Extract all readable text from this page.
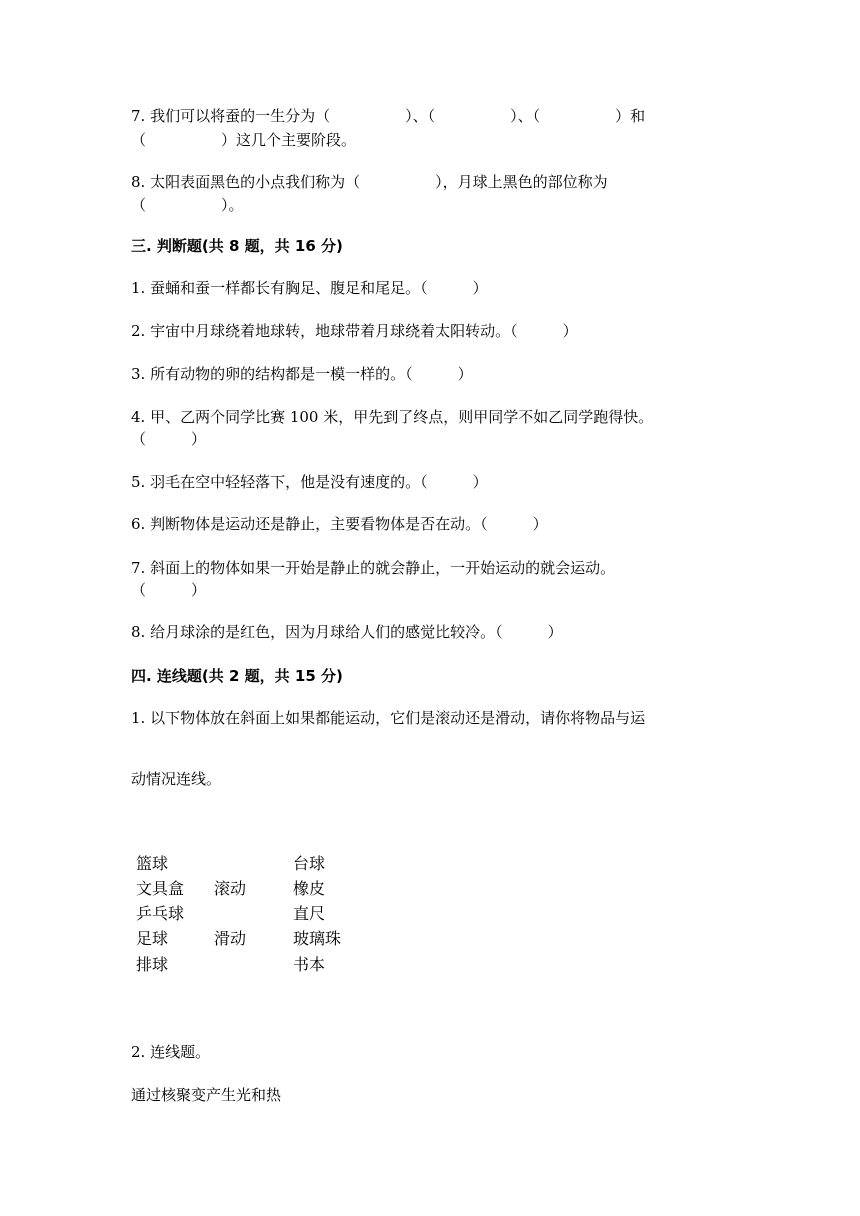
7. 我们可以将蚕的一生分为（　　　　　）、（　　　　　）、（　　　　　）和
（　　　　　）这几个主要阶段。
8. 太阳表面黑色的小点我们称为（　　　　　），月球上黑色的部位称为
（　　　　　）。
三. 判断题(共 8 题，共 16 分)
1. 蚕蛹和蚕一样都长有胸足、腹足和尾足。（　　　）
2. 宇宙中月球绕着地球转，地球带着月球绕着太阳转动。（　　　）
3. 所有动物的卵的结构都是一模一样的。（　　　）
4. 甲、乙两个同学比赛 100 米，甲先到了终点，则甲同学不如乙同学跑得快。
（　　　）
5. 羽毛在空中轻轻落下，他是没有速度的。（　　　）
6. 判断物体是运动还是静止，主要看物体是否在动。（　　　）
7. 斜面上的物体如果一开始是静止的就会静止，一开始运动的就会运动。
（　　　）
8. 给月球涂的是红色，因为月球给人们的感觉比较冷。（　　　）
四. 连线题(共 2 题，共 15 分)
1. 以下物体放在斜面上如果都能运动，它们是滚动还是滑动，请你将物品与运
动情况连线。
篮球
文具盒
乒乓球
足球
排球
滚动
滑动
台球
橡皮
直尺
玻璃珠
书本
2. 连线题。
通过核聚变产生光和热
